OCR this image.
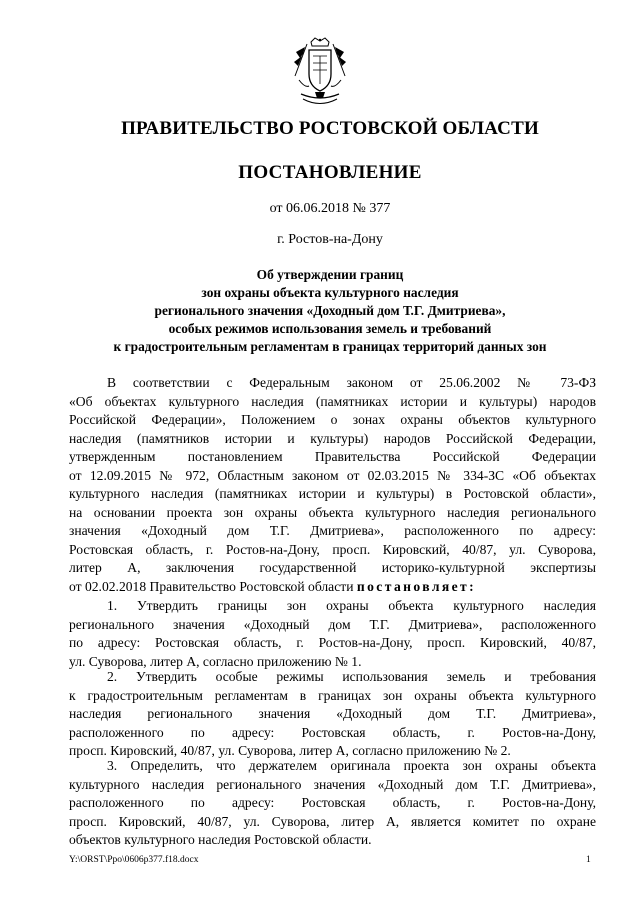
ПРАВИТЕЛЬСТВО РОСТОВСКОЙ ОБЛАСТИ
ПОСТАНОВЛЕНИЕ
от 06.06.2018 № 377
г. Ростов-на-Дону
Об утверждении границ
зон охраны объекта культурного наследия
регионального значения «Доходный дом Т.Г. Дмитриева»,
особых режимов использования земель и требований
к градостроительным регламентам в границах территорий данных зон
В соответствии с Федеральным законом от 25.06.2002 № 73-ФЗ
«Об объектах культурного наследия (памятниках истории и культуры) народов
Российской Федерации», Положением о зонах охраны объектов культурного
наследия (памятников истории и культуры) народов Российской Федерации,
утвержденным постановлением Правительства Российской Федерации
от 12.09.2015 № 972, Областным законом от 02.03.2015 № 334-ЗС «Об объектах
культурного наследия (памятниках истории и культуры) в Ростовской области»,
на основании проекта зон охраны объекта культурного наследия регионального
значения «Доходный дом Т.Г. Дмитриева», расположенного по адресу:
Ростовская область, г. Ростов-на-Дону, просп. Кировский, 40/87, ул. Суворова,
литер А, заключения государственной историко-культурной экспертизы
от 02.02.2018 Правительство Ростовской области постановляет:
1. Утвердить границы зон охраны объекта культурного наследия
регионального значения «Доходный дом Т.Г. Дмитриева», расположенного
по адресу: Ростовская область, г. Ростов-на-Дону, просп. Кировский, 40/87,
ул. Суворова, литер А, согласно приложению № 1.
2. Утвердить особые режимы использования земель и требования
к градостроительным регламентам в границах зон охраны объекта культурного
наследия регионального значения «Доходный дом Т.Г. Дмитриева»,
расположенного по адресу: Ростовская область, г. Ростов-на-Дону,
просп. Кировский, 40/87, ул. Суворова, литер А, согласно приложению № 2.
3. Определить, что держателем оригинала проекта зон охраны объекта
культурного наследия регионального значения «Доходный дом Т.Г. Дмитриева»,
расположенного по адресу: Ростовская область, г. Ростов-на-Дону,
просп. Кировский, 40/87, ул. Суворова, литер А, является комитет по охране
объектов культурного наследия Ростовской области.
Y:\ORST\Ppo\0606p377.f18.docx	1
